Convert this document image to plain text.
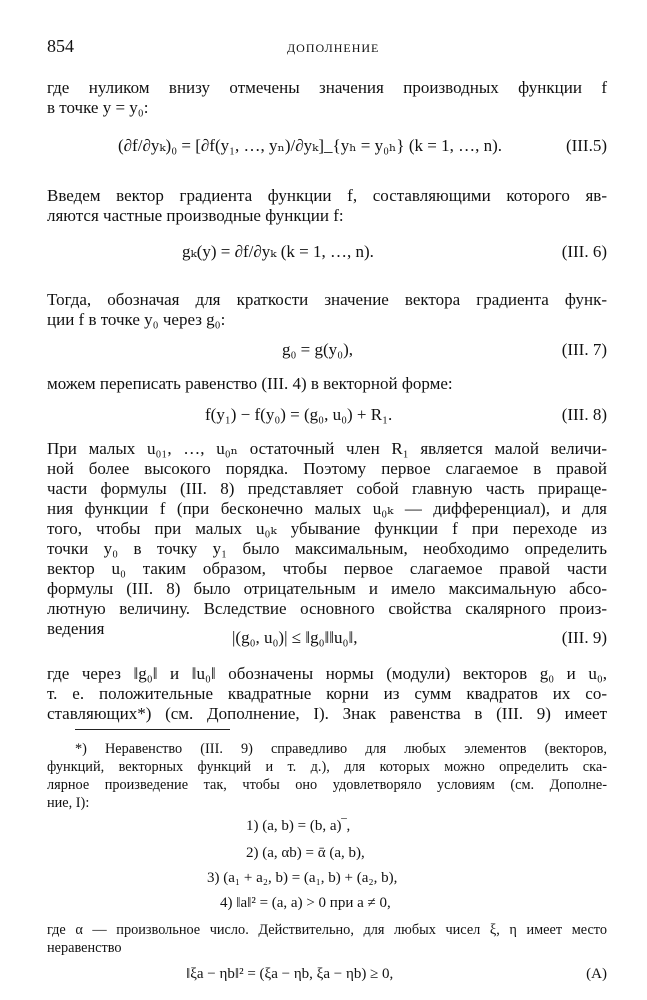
854	ДОПОЛНЕНИЕ
где нуликом внизу отмечены значения производных функции f
в точке y = y₀:
(∂f/∂yₖ)₀ = [∂f(y₁, …, yₙ)/∂yₖ]_{yₕ = y₀ₕ} (k = 1, …, n).	(III.5)
Введем вектор градиента функции f, составляющими которого яв-
ляются частные производные функции f:
gₖ(y) = ∂f/∂yₖ (k = 1, …, n).	(III. 6)
Тогда, обозначая для краткости значение вектора градиента функ-
ции f в точке y₀ через g₀:
g₀ = g(y₀),	(III. 7)
можем переписать равенство (III. 4) в векторной форме:
f(y₁) − f(y₀) = (g₀, u₀) + R₁.	(III. 8)
При малых u₀₁, …, u₀ₙ остаточный член R₁ является малой величи-
ной более высокого порядка. Поэтому первое слагаемое в правой
части формулы (III. 8) представляет собой главную часть прираще-
ния функции f (при бесконечно малых u₀ₖ — дифференциал), и для
того, чтобы при малых u₀ₖ убывание функции f при переходе из
точки y₀ в точку y₁ было максимальным, необходимо определить
вектор u₀ таким образом, чтобы первое слагаемое правой части
формулы (III. 8) было отрицательным и имело максимальную абсо-
лютную величину. Вследствие основного свойства скалярного произ-
ведения	|(g₀, u₀)| ≤ ‖g₀‖‖u₀‖,	(III. 9)
где через ‖g₀‖ и ‖u₀‖ обозначены нормы (модули) векторов g₀ и u₀,
т. е. положительные квадратные корни из сумм квадратов их со-
ставляющих*) (см. Дополнение, I). Знак равенства в (III. 9) имеет
*) Неравенство (III. 9) справедливо для любых элементов (векторов,
функций, векторных функций и т. д.), для которых можно определить ска-
лярное произведение так, чтобы оно удовлетворяло условиям (см. Дополне-
ние, I):
1) (a, b) = (b, a)‾,
2) (a, αb) = ᾱ (a, b),
3) (a₁ + a₂, b) = (a₁, b) + (a₂, b),
4) ‖a‖² = (a, a) > 0 при a ≠ 0,
где α — произвольное число. Действительно, для любых чисел ξ, η имеет место
неравенство
‖ξa − ηb‖² = (ξa − ηb, ξa − ηb) ≥ 0,	(A)
